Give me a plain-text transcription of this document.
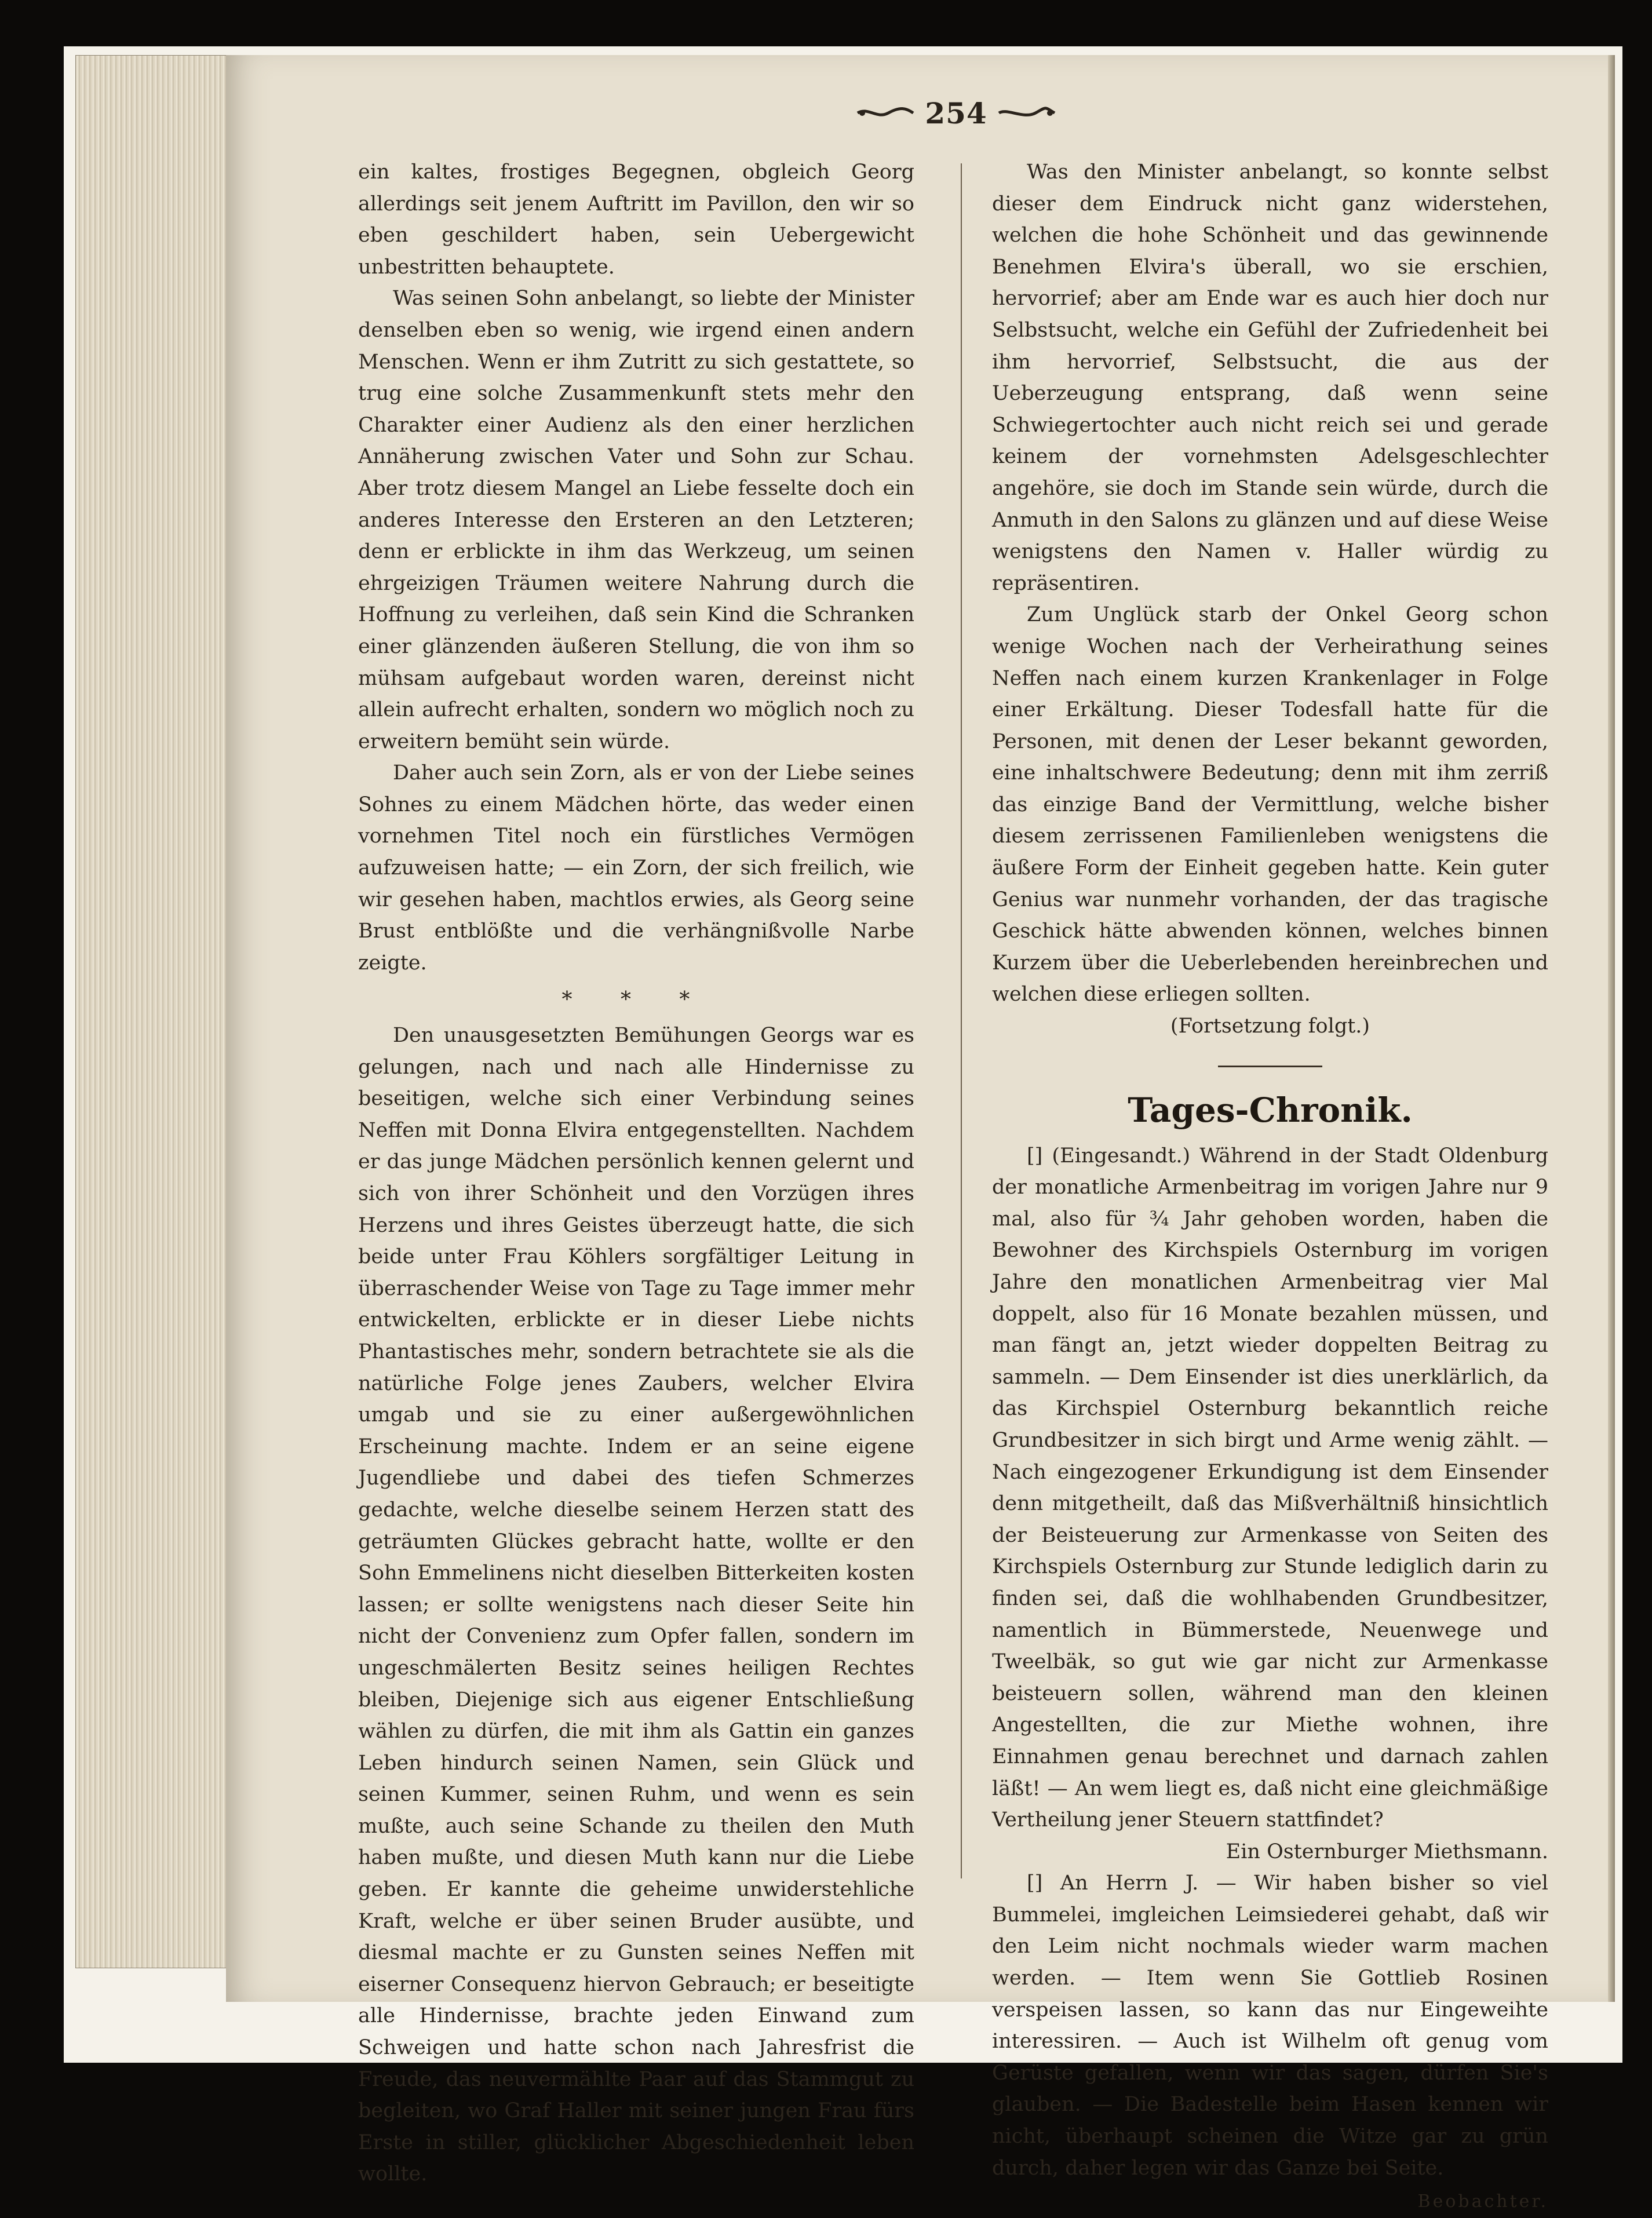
254

ein kaltes, frostiges Begegnen, obgleich Georg allerdings seit jenem Auftritt im Pavillon, den wir so eben geschildert haben, sein Uebergewicht unbestritten behauptete.

Was seinen Sohn anbelangt, so liebte der Minister denselben eben so wenig, wie irgend einen andern Menschen. Wenn er ihm Zutritt zu sich gestattete, so trug eine solche Zusammenkunft stets mehr den Charakter einer Audienz als den einer herzlichen Annäherung zwischen Vater und Sohn zur Schau. Aber trotz diesem Mangel an Liebe fesselte doch ein anderes Interesse den Ersteren an den Letzteren; denn er erblickte in ihm das Werkzeug, um seinen ehrgeizigen Träumen weitere Nahrung durch die Hoffnung zu verleihen, daß sein Kind die Schranken einer glänzenden äußeren Stellung, die von ihm so mühsam aufgebaut worden waren, dereinst nicht allein aufrecht erhalten, sondern wo möglich noch zu erweitern bemüht sein würde.

Daher auch sein Zorn, als er von der Liebe seines Sohnes zu einem Mädchen hörte, das weder einen vornehmen Titel noch ein fürstliches Vermögen aufzuweisen hatte; — ein Zorn, der sich freilich, wie wir gesehen haben, machtlos erwies, als Georg seine Brust entblößte und die verhängnißvolle Narbe zeigte.

* * *

Den unausgesetzten Bemühungen Georgs war es gelungen, nach und nach alle Hindernisse zu beseitigen, welche sich einer Verbindung seines Neffen mit Donna Elvira entgegenstellten. Nachdem er das junge Mädchen persönlich kennen gelernt und sich von ihrer Schönheit und den Vorzügen ihres Herzens und ihres Geistes überzeugt hatte, die sich beide unter Frau Köhlers sorgfältiger Leitung in überraschender Weise von Tage zu Tage immer mehr entwickelten, erblickte er in dieser Liebe nichts Phantastisches mehr, sondern betrachtete sie als die natürliche Folge jenes Zaubers, welcher Elvira umgab und sie zu einer außergewöhnlichen Erscheinung machte. Indem er an seine eigene Jugendliebe und dabei des tiefen Schmerzes gedachte, welche dieselbe seinem Herzen statt des geträumten Glückes gebracht hatte, wollte er den Sohn Emmelinens nicht dieselben Bitterkeiten kosten lassen; er sollte wenigstens nach dieser Seite hin nicht der Convenienz zum Opfer fallen, sondern im ungeschmälerten Besitz seines heiligen Rechtes bleiben, Diejenige sich aus eigener Entschließung wählen zu dürfen, die mit ihm als Gattin ein ganzes Leben hindurch seinen Namen, sein Glück und seinen Kummer, seinen Ruhm, und wenn es sein mußte, auch seine Schande zu theilen den Muth haben mußte, und diesen Muth kann nur die Liebe geben. Er kannte die geheime unwiderstehliche Kraft, welche er über seinen Bruder ausübte, und diesmal machte er zu Gunsten seines Neffen mit eiserner Consequenz hiervon Gebrauch; er beseitigte alle Hindernisse, brachte jeden Einwand zum Schweigen und hatte schon nach Jahresfrist die Freude, das neuvermählte Paar auf das Stammgut zu begleiten, wo Graf Haller mit seiner jungen Frau fürs Erste in stiller, glücklicher Abgeschiedenheit leben wollte.

Was den Minister anbelangt, so konnte selbst dieser dem Eindruck nicht ganz widerstehen, welchen die hohe Schönheit und das gewinnende Benehmen Elvira's überall, wo sie erschien, hervorrief; aber am Ende war es auch hier doch nur Selbstsucht, welche ein Gefühl der Zufriedenheit bei ihm hervorrief, Selbstsucht, die aus der Ueberzeugung entsprang, daß wenn seine Schwiegertochter auch nicht reich sei und gerade keinem der vornehmsten Adelsgeschlechter angehöre, sie doch im Stande sein würde, durch die Anmuth in den Salons zu glänzen und auf diese Weise wenigstens den Namen v. Haller würdig zu repräsentiren.

Zum Unglück starb der Onkel Georg schon wenige Wochen nach der Verheirathung seines Neffen nach einem kurzen Krankenlager in Folge einer Erkältung. Dieser Todesfall hatte für die Personen, mit denen der Leser bekannt geworden, eine inhaltschwere Bedeutung; denn mit ihm zerriß das einzige Band der Vermittlung, welche bisher diesem zerrissenen Familienleben wenigstens die äußere Form der Einheit gegeben hatte. Kein guter Genius war nunmehr vorhanden, der das tragische Geschick hätte abwenden können, welches binnen Kurzem über die Ueberlebenden hereinbrechen und welchen diese erliegen sollten.

(Fortsetzung folgt.)
Tages-Chronik.

[] (Eingesandt.) Während in der Stadt Oldenburg der monatliche Armenbeitrag im vorigen Jahre nur 9 mal, also für ¾ Jahr gehoben worden, haben die Bewohner des Kirchspiels Osternburg im vorigen Jahre den monatlichen Armenbeitrag vier Mal doppelt, also für 16 Monate bezahlen müssen, und man fängt an, jetzt wieder doppelten Beitrag zu sammeln. — Dem Einsender ist dies unerklärlich, da das Kirchspiel Osternburg bekanntlich reiche Grundbesitzer in sich birgt und Arme wenig zählt. — Nach eingezogener Erkundigung ist dem Einsender denn mitgetheilt, daß das Mißverhältniß hinsichtlich der Beisteuerung zur Armenkasse von Seiten des Kirchspiels Osternburg zur Stunde lediglich darin zu finden sei, daß die wohlhabenden Grundbesitzer, namentlich in Bümmerstede, Neuenwege und Tweelbäk, so gut wie gar nicht zur Armenkasse beisteuern sollen, während man den kleinen Angestellten, die zur Miethe wohnen, ihre Einnahmen genau berechnet und darnach zahlen läßt! — An wem liegt es, daß nicht eine gleichmäßige Vertheilung jener Steuern stattfindet?

Ein Osternburger Miethsmann.

[] An Herrn J. — Wir haben bisher so viel Bummelei, imgleichen Leimsiederei gehabt, daß wir den Leim nicht nochmals wieder warm machen werden. — Item wenn Sie Gottlieb Rosinen verspeisen lassen, so kann das nur Eingeweihte interessiren. — Auch ist Wilhelm oft genug vom Gerüste gefallen, wenn wir das sagen, dürfen Sie's glauben. — Die Badestelle beim Hasen kennen wir nicht, überhaupt scheinen die Witze gar zu grün durch, daher legen wir das Ganze bei Seite.

Beobachter.
